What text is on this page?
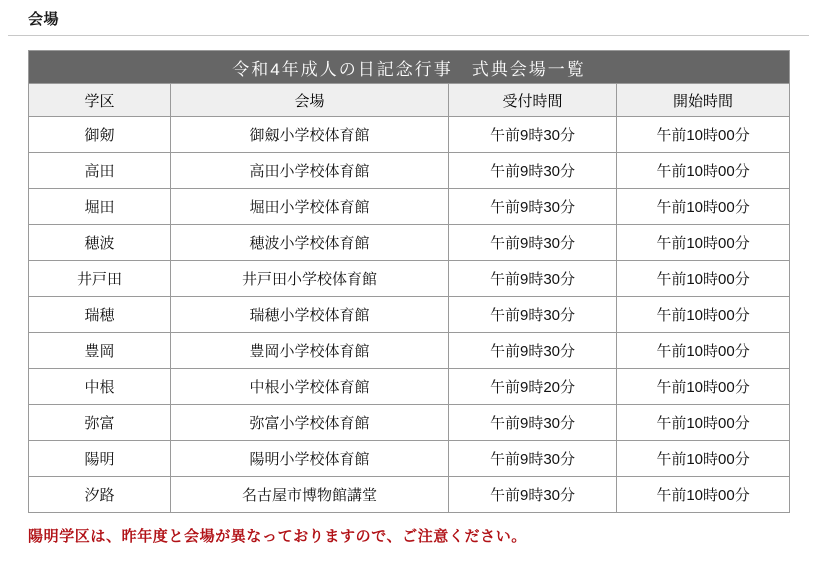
会場
令和4年成人の日記念行事　式典会場一覧			
学区	会場	受付時間	開始時間
御剱	御劔小学校体育館	午前9時30分	午前10時00分
高田	高田小学校体育館	午前9時30分	午前10時00分
堀田	堀田小学校体育館	午前9時30分	午前10時00分
穂波	穂波小学校体育館	午前9時30分	午前10時00分
井戸田	井戸田小学校体育館	午前9時30分	午前10時00分
瑞穂	瑞穂小学校体育館	午前9時30分	午前10時00分
豊岡	豊岡小学校体育館	午前9時30分	午前10時00分
中根	中根小学校体育館	午前9時20分	午前10時00分
弥富	弥富小学校体育館	午前9時30分	午前10時00分
陽明	陽明小学校体育館	午前9時30分	午前10時00分
汐路	名古屋市博物館講堂	午前9時30分	午前10時00分
陽明学区は、昨年度と会場が異なっておりますので、ご注意ください。
